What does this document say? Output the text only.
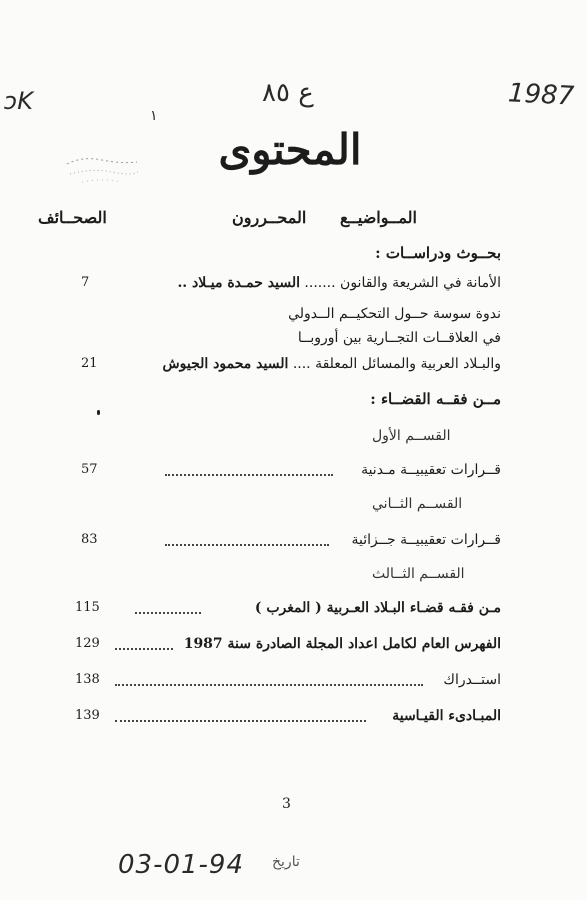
1987
ɔK	ع ٨٥
١
المحتوى
المــواضيــع
المحــررون
الصحــائف
بحــوث ودراســات :
الأمانة في الشريعة والقانون ....... السيد حمـدة ميـلاد ..
7
ندوة سوسة حــول التحكيــم الــدولي
في العلاقــات التجــارية بين أوروبــا
والبـلاد العربية والمسائل المعلقة .... السيد محمود الجيوش
21
مــن فقــه القضــاء :
القســم الأول
قــرارات تعقيبيــة مـدنية
57
القســم الثــاني
قــرارات تعقيبيــة جــزائية
83
القســم الثــالث
مـن فقـه قضـاء البـلاد العـربية ( المغرب )
115
الفهرس العام لكامل اعداد المجلة الصادرة سنة 1987
129
استــدراك
138
المبـادىء القيـاسية
139
3
03-01-94 تاريخ
